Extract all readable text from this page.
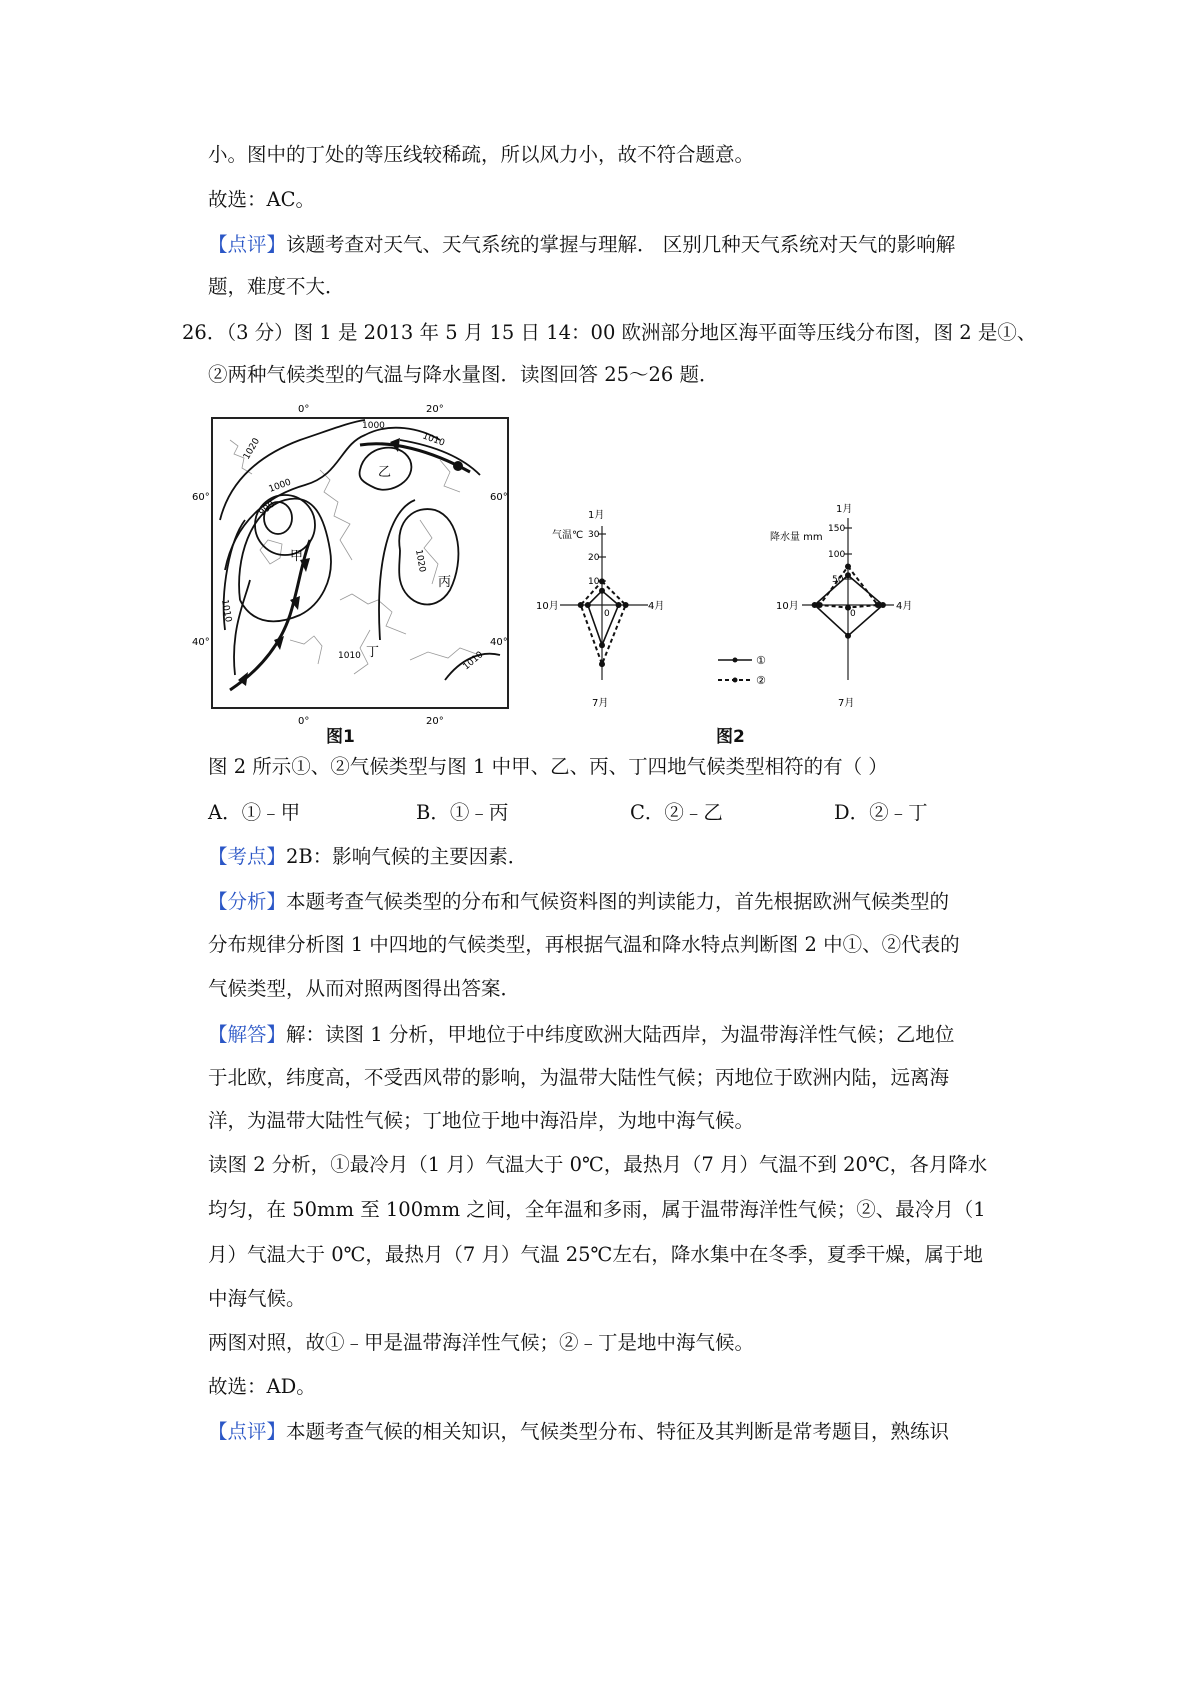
小。图中的丁处的等压线较稀疏，所以风力小，故不符合题意。
故选：AC。
【点评】该题考查对天气、天气系统的掌握与理解． 区别几种天气系统对天气的影响解
题，难度不大．
26．（3 分）图 1 是 2013 年 5 月 15 日 14：00 欧洲部分地区海平面等压线分布图，图 2 是①、
②两种气候类型的气温与降水量图．读图回答 25～26 题．
0°	20°
0°	20°
60°
40°
60°
40°
1020
1000
1010
1000
990
1010
1020
1010
1010
甲
乙
丙
丁
图1
1月
4月
7月
10月
气温℃ 30
20
10
0
1月
4月
7月
10月
降水量 mm
150
100
50
0
①
②
图2
图 2 所示①、②气候类型与图 1 中甲、乙、丙、丁四地气候类型相符的有（ ）
A．①﹣甲	B．①﹣丙	C．②﹣乙	D．②﹣丁
【考点】2B：影响气候的主要因素．
【分析】本题考查气候类型的分布和气候资料图的判读能力，首先根据欧洲气候类型的
分布规律分析图 1 中四地的气候类型，再根据气温和降水特点判断图 2 中①、②代表的
气候类型，从而对照两图得出答案．
【解答】解：读图 1 分析，甲地位于中纬度欧洲大陆西岸，为温带海洋性气候；乙地位
于北欧，纬度高，不受西风带的影响，为温带大陆性气候；丙地位于欧洲内陆，远离海
洋，为温带大陆性气候；丁地位于地中海沿岸，为地中海气候。
读图 2 分析，①最冷月（1 月）气温大于 0℃，最热月（7 月）气温不到 20℃，各月降水
均匀，在 50mm 至 100mm 之间，全年温和多雨，属于温带海洋性气候；②、最冷月（1
月）气温大于 0℃，最热月（7 月）气温 25℃左右，降水集中在冬季，夏季干燥，属于地
中海气候。
两图对照，故①﹣甲是温带海洋性气候；②﹣丁是地中海气候。
故选：AD。
【点评】本题考查气候的相关知识，气候类型分布、特征及其判断是常考题目，熟练识
